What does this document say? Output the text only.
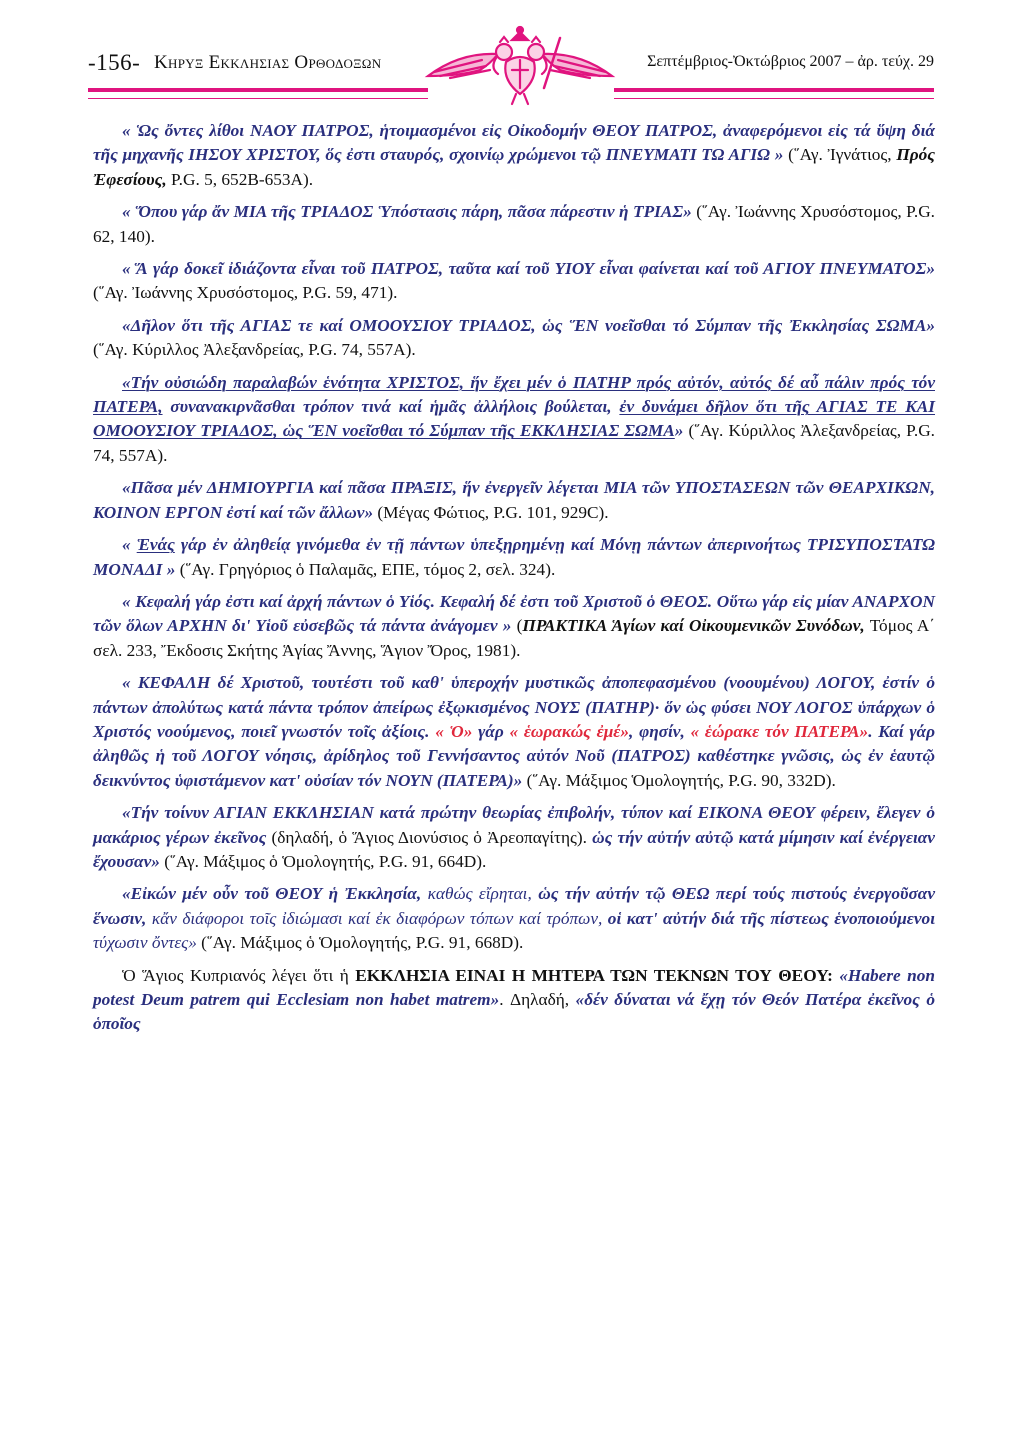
-156- Κηρυξ Εκκλησιας Ορθοδοξων	Σεπτέμβριος-Ὀκτώβριος 2007 – ἀρ. τεύχ. 29

« Ὡς ὄντες λίθοι ΝΑΟΥ ΠΑΤΡΟΣ, ἡτοιμασμένοι εἰς Οἰκοδομήν ΘΕΟΥ ΠΑΤΡΟΣ, ἀναφερόμενοι εἰς τά ὕψη διά τῆς μηχανῆς ΙΗΣΟΥ ΧΡΙΣΤΟΥ, ὅς ἐστι σταυρός, σχοινίῳ χρώμενοι τῷ ΠΝΕΥΜΑΤΙ ΤΩ ΑΓΙΩ » (῞Αγ. Ἰγνάτιος, Πρός Ἐφεσίους, P.G. 5, 652B-653A).

« Ὅπου γάρ ἄν ΜΙΑ τῆς ΤΡΙΑΔΟΣ Ὑπόστασις πάρη, πᾶσα πάρεστιν ἡ ΤΡΙΑΣ» (῞Αγ. Ἰωάννης Χρυσόστομος, P.G. 62, 140).

« Ἅ γάρ δοκεῖ ἰδιάζοντα εἶναι τοῦ ΠΑΤΡΟΣ, ταῦτα καί τοῦ ΥΙΟΥ εἶναι φαίνεται καί τοῦ ΑΓΙΟΥ ΠΝΕΥΜΑΤΟΣ» (῞Αγ. Ἰωάννης Χρυσόστομος, P.G. 59, 471).

«Δῆλον ὅτι τῆς ΑΓΙΑΣ τε καί ΟΜΟΟΥΣΙΟΥ ΤΡΙΑΔΟΣ, ὡς ἝΝ νοεῖσθαι τό Σύμπαν τῆς Ἐκκλησίας ΣΩΜΑ» (῞Αγ. Κύριλλος Ἀλεξανδρείας, P.G. 74, 557A).

«Τήν οὐσιώδη παραλαβών ἑνότητα ΧΡΙΣΤΟΣ, ἥν ἔχει μέν ὁ ΠΑΤΗΡ πρός αὐτόν, αὐτός δέ αὖ πάλιν πρός τόν ΠΑΤΕΡΑ, συνανακιρνᾶσθαι τρόπον τινά καί ἡμᾶς ἀλλήλοις βούλεται, ἐν δυνάμει δῆλον ὅτι τῆς ΑΓΙΑΣ ΤΕ ΚΑΙ ΟΜΟΟΥΣΙΟΥ ΤΡΙΑΔΟΣ, ὡς ἝΝ νοεῖσθαι τό Σύμπαν τῆς ΕΚΚΛΗΣΙΑΣ ΣΩΜΑ» (῞Αγ. Κύριλλος Ἀλεξανδρείας, P.G. 74, 557A).

«Πᾶσα μέν ΔΗΜΙΟΥΡΓΙΑ καί πᾶσα ΠΡΑΞΙΣ, ἥν ἐνεργεῖν λέγεται ΜΙΑ τῶν ΥΠΟΣΤΑΣΕΩΝ τῶν ΘΕΑΡΧΙΚΩΝ, ΚΟΙΝΟΝ ΕΡΓΟΝ ἐστί καί τῶν ἄλλων» (Μέγας Φώτιος, P.G. 101, 929C).

« Ἑνάς γάρ ἐν ἀληθείᾳ γινόμεθα ἐν τῇ πάντων ὑπεξῃρημένῃ καί Μόνῃ πάντων ἀπερινοήτως ΤΡΙΣΥΠΟΣΤΑΤΩ ΜΟΝΑΔΙ » (῞Αγ. Γρηγόριος ὁ Παλαμᾶς, ΕΠΕ, τόμος 2, σελ. 324).

« Κεφαλή γάρ ἐστι καί ἀρχή πάντων ὁ Υἱός. Κεφαλή δέ ἐστι τοῦ Χριστοῦ ὁ ΘΕΟΣ. Οὕτω γάρ εἰς μίαν ΑΝΑΡΧΟΝ τῶν ὅλων ΑΡΧΗΝ δι' Υἱοῦ εὐσεβῶς τά πάντα ἀνάγομεν » (ΠΡΑΚΤΙΚΑ Ἁγίων καί Οἰκουμενικῶν Συνόδων, Τόμος Α΄ σελ. 233, Ἔκδοσις Σκήτης Ἁγίας Ἄννης, Ἅγιον Ὄρος, 1981).

« ΚΕΦΑΛΗ δέ Χριστοῦ, τουτέστι τοῦ καθ' ὑπεροχήν μυστικῶς ἀποπεφασμένου (νοουμένου) ΛΟΓΟΥ, ἐστίν ὁ πάντων ἀπολύτως κατά πάντα τρόπον ἀπείρως ἐξῳκισμένος ΝΟΥΣ (ΠΑΤΗΡ)· ὅν ὡς φύσει ΝΟΥ ΛΟΓΟΣ ὑπάρχων ὁ Χριστός νοούμενος, ποιεῖ γνωστόν τοῖς ἀξίοις. « Ὁ» γάρ « ἑωρακώς ἐμέ», φησίν, « ἑώρακε τόν ΠΑΤΕΡΑ». Καί γάρ ἀληθῶς ἡ τοῦ ΛΟΓΟΥ νόησις, ἀρίδηλος τοῦ Γεννήσαντος αὐτόν Νοῦ (ΠΑΤΡΟΣ) καθέστηκε γνῶσις, ὡς ἐν ἑαυτῷ δεικνύντος ὑφιστάμενον κατ' οὐσίαν τόν ΝΟΥΝ (ΠΑΤΕΡΑ)» (῞Αγ. Μάξιμος Ὁμολογητής, P.G. 90, 332D).

«Τήν τοίνυν ΑΓΙΑΝ ΕΚΚΛΗΣΙΑΝ κατά πρώτην θεωρίας ἐπιβολήν, τύπον καί ΕΙΚΟΝΑ ΘΕΟΥ φέρειν, ἔλεγεν ὁ μακάριος γέρων ἐκεῖνος (δηλαδή, ὁ Ἅγιος Διονύσιος ὁ Ἀρεοπαγίτης). ὡς τήν αὐτήν αὐτῷ κατά μίμησιν καί ἐνέργειαν ἔχουσαν» (῞Αγ. Μάξιμος ὁ Ὁμολογητής, P.G. 91, 664D).

«Εἰκών μέν οὖν τοῦ ΘΕΟΥ ἡ Ἐκκλησία, καθώς εἴρηται, ὡς τήν αὐτήν τῷ ΘΕΩ περί τούς πιστούς ἐνεργοῦσαν ἕνωσιν, κἄν διάφοροι τοῖς ἰδιώμασι καί ἐκ διαφόρων τόπων καί τρόπων, οἱ κατ' αὐτήν διά τῆς πίστεως ἑνοποιούμενοι τύχωσιν ὄντες» (῞Αγ. Μάξιμος ὁ Ὁμολογητής, P.G. 91, 668D).

Ὁ Ἅγιος Κυπριανός λέγει ὅτι ἡ ΕΚΚΛΗΣΙΑ ΕΙΝΑΙ Η ΜΗΤΕΡΑ ΤΩΝ ΤΕΚΝΩΝ ΤΟΥ ΘΕΟΥ: «Habere non potest Deum patrem qui Ecclesiam non habet matrem». Δηλαδή, «δέν δύναται νά ἔχῃ τόν Θεόν Πατέρα ἐκεῖνος ὁ ὁποῖος
